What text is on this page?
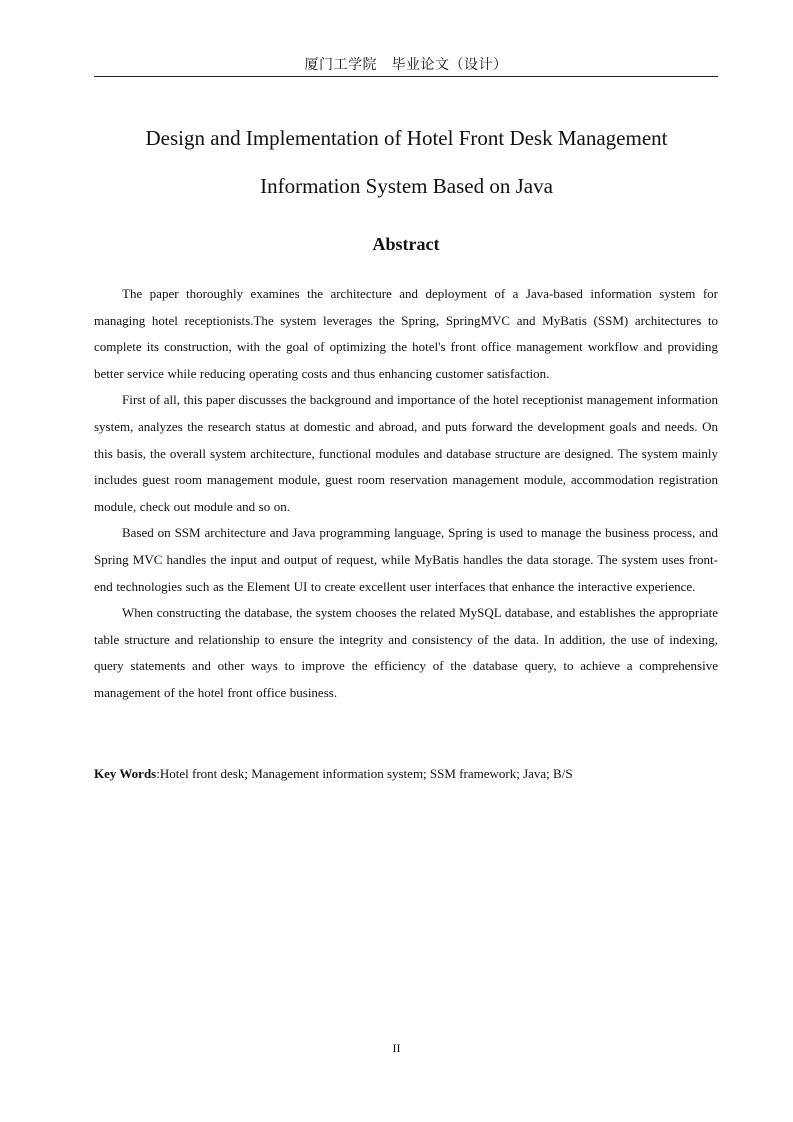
厦门工学院　毕业论文（设计）
Design and Implementation of Hotel Front Desk Management
Information System Based on Java
Abstract

The paper thoroughly examines the architecture and deployment of a Java-based information system for managing hotel receptionists.The system leverages the Spring, SpringMVC and MyBatis (SSM) architectures to complete its construction, with the goal of optimizing the hotel's front office management workflow and providing better service while reducing operating costs and thus enhancing customer satisfaction.

First of all, this paper discusses the background and importance of the hotel receptionist management information system, analyzes the research status at domestic and abroad, and puts forward the development goals and needs. On this basis, the overall system architecture, functional modules and database structure are designed. The system mainly includes guest room management module, guest room reservation management module, accommodation registration module, check out module and so on.

Based on SSM architecture and Java programming language, Spring is used to manage the business process, and Spring MVC handles the input and output of request, while MyBatis handles the data storage. The system uses front-end technologies such as the Element UI to create excellent user interfaces that enhance the interactive experience.

When constructing the database, the system chooses the related MySQL database, and establishes the appropriate table structure and relationship to ensure the integrity and consistency of the data. In addition, the use of indexing, query statements and other ways to improve the efficiency of the database query, to achieve a comprehensive management of the hotel front office business.

Key Words:Hotel front desk; Management information system; SSM framework; Java; B/S
II
